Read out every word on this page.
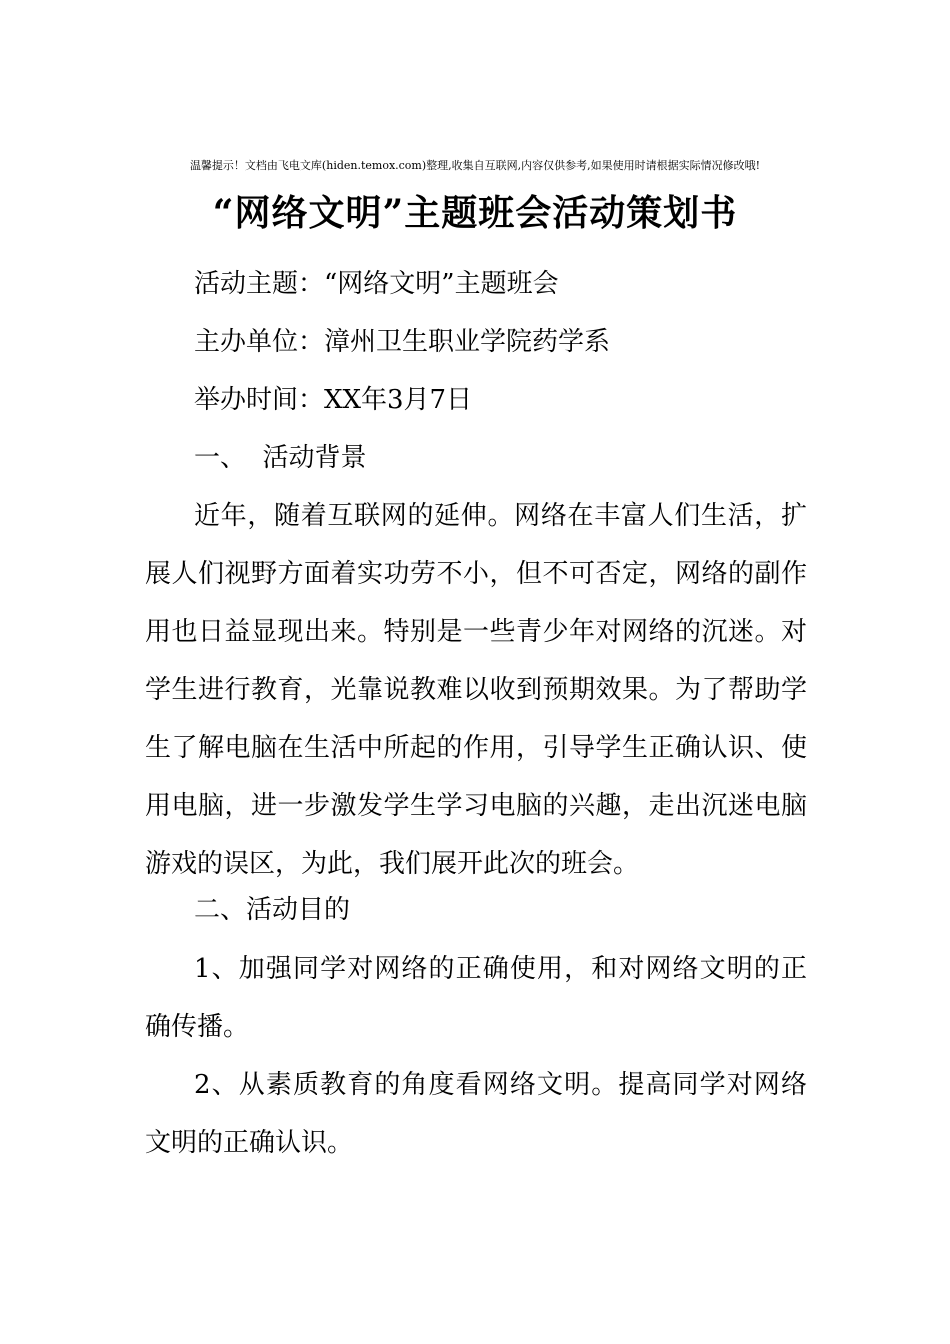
温馨提示！文档由飞电文库(hiden.temox.com)整理,收集自互联网,内容仅供参考,如果使用时请根据实际情况修改哦!
“网络文明”主题班会活动策划书
活动主题：“网络文明”主题班会
主办单位：漳州卫生职业学院药学系
举办时间：XX年3月7日
一、  活动背景
近年，随着互联网的延伸。网络在丰富人们生活，扩展人们视野方面着实功劳不小，但不可否定，网络的副作用也日益显现出来。特别是一些青少年对网络的沉迷。对学生进行教育，光靠说教难以收到预期效果。为了帮助学生了解电脑在生活中所起的作用，引导学生正确认识、使用电脑，进一步激发学生学习电脑的兴趣，走出沉迷电脑游戏的误区，为此，我们展开此次的班会。
二、活动目的
1、加强同学对网络的正确使用，和对网络文明的正确传播。
2、从素质教育的角度看网络文明。提高同学对网络文明的正确认识。
